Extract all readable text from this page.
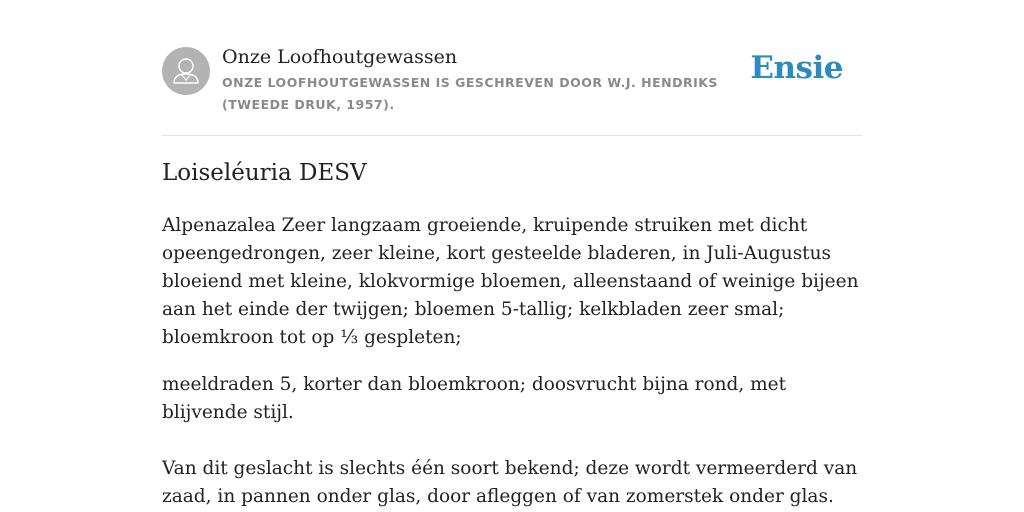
Onze Loofhoutgewassen
ONZE LOOFHOUTGEWASSEN IS GESCHREVEN DOOR W.J. HENDRIKS (TWEEDE DRUK, 1957).
Ensie
Loiseléuria DESV

Alpenazalea Zeer langzaam groeiende, kruipende struiken met dicht opeengedrongen, zeer kleine, kort gesteelde bladeren, in Juli-Augustus bloeiend met kleine, klokvormige bloemen, alleenstaand of weinige bijeen aan het einde der twijgen; bloemen 5-tallig; kelkbladen zeer smal; bloemkroon tot op ⅓ gespleten;

meeldraden 5, korter dan bloemkroon; doosvrucht bijna rond, met blijvende stijl.

Van dit geslacht is slechts één soort bekend; deze wordt vermeerderd van zaad, in pannen onder glas, door afleggen of van zomerstek onder glas.
